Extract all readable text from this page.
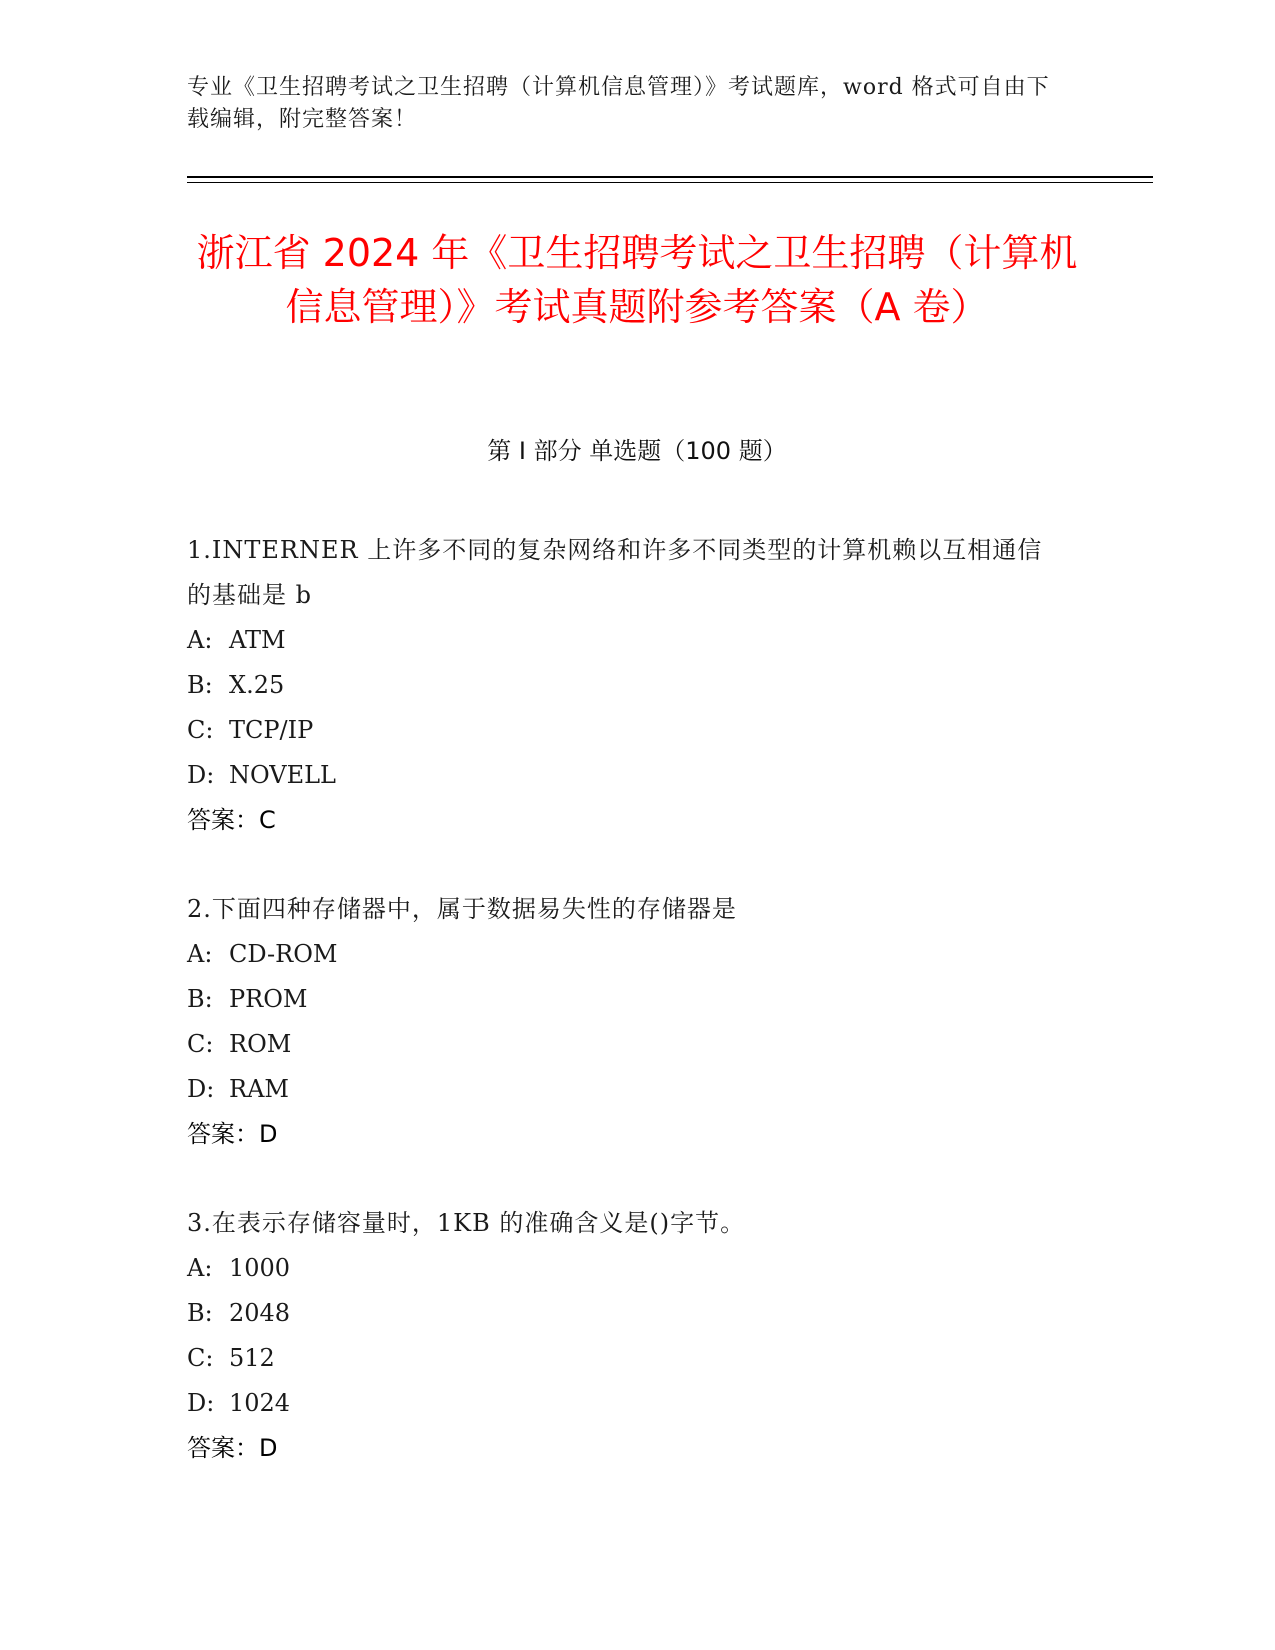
专业《卫生招聘考试之卫生招聘（计算机信息管理）》考试题库，word 格式可自由下载编辑，附完整答案！
浙江省 2024 年《卫生招聘考试之卫生招聘（计算机信息管理）》考试真题附参考答案（A 卷）
第 I 部分 单选题（100 题）
1.INTERNER 上许多不同的复杂网络和许多不同类型的计算机赖以互相通信的基础是 b
A: ATM
B: X.25
C: TCP/IP
D: NOVELL
答案：C
2.下面四种存储器中，属于数据易失性的存储器是
A: CD-ROM
B: PROM
C: ROM
D: RAM
答案：D
3.在表示存储容量时，1KB 的准确含义是()字节。
A: 1000
B: 2048
C: 512
D: 1024
答案：D
